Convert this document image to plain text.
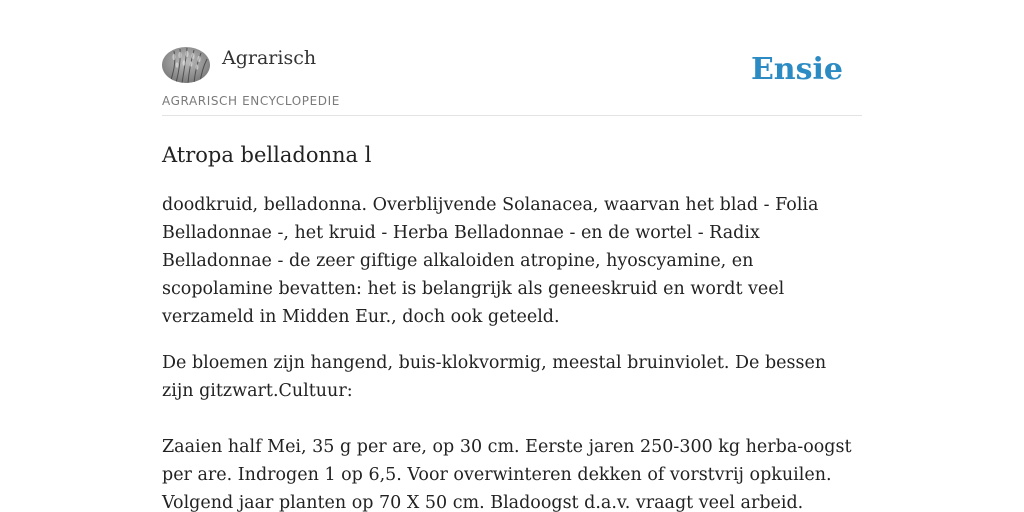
Agrarisch
AGRARISCH ENCYCLOPEDIE
Ensie
Atropa belladonna l

doodkruid, belladonna. Overblijvende Solanacea, waarvan het blad - Folia Belladonnae -, het kruid - Herba Belladonnae - en de wortel - Radix Belladonnae - de zeer giftige alkaloiden atropine, hyoscyamine, en scopolamine bevatten: het is belangrijk als geneeskruid en wordt veel verzameld in Midden Eur., doch ook geteeld.

De bloemen zijn hangend, buis-klokvormig, meestal bruinviolet. De bessen zijn gitzwart.Cultuur:

Zaaien half Mei, 35 g per are, op 30 cm. Eerste jaren 250-300 kg herba-oogst per are. Indrogen 1 op 6,5. Voor overwinteren dekken of vorstvrij opkuilen. Volgend jaar planten op 70 X 50 cm. Bladoogst d.a.v. vraagt veel arbeid.
